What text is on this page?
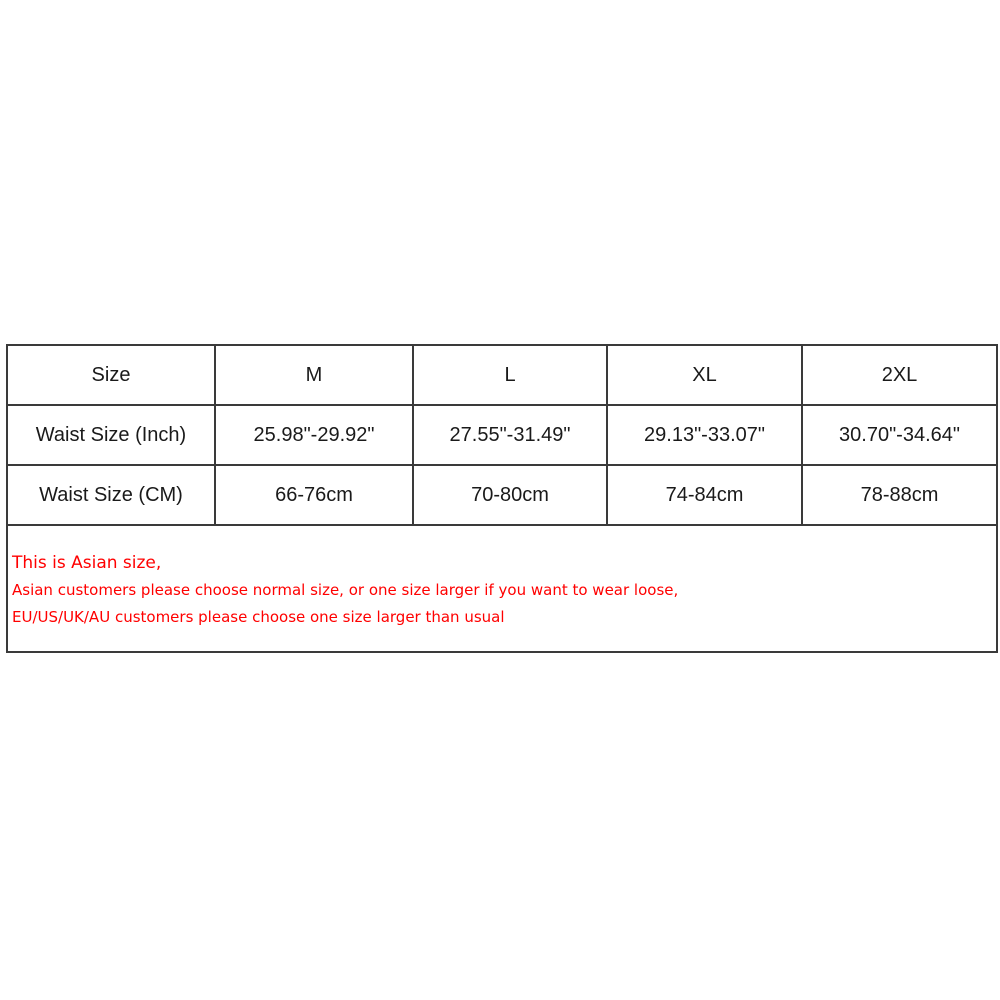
Size	M	L	XL	2XL
Waist Size (Inch)	25.98"-29.92"	27.55"-31.49"	29.13"-33.07"	30.70"-34.64"
Waist Size (CM)	66-76cm	70-80cm	74-84cm	78-88cm

This is Asian size,
Asian customers please choose normal size, or one size larger if you want to wear loose,
EU/US/UK/AU customers please choose one size larger than usual				
